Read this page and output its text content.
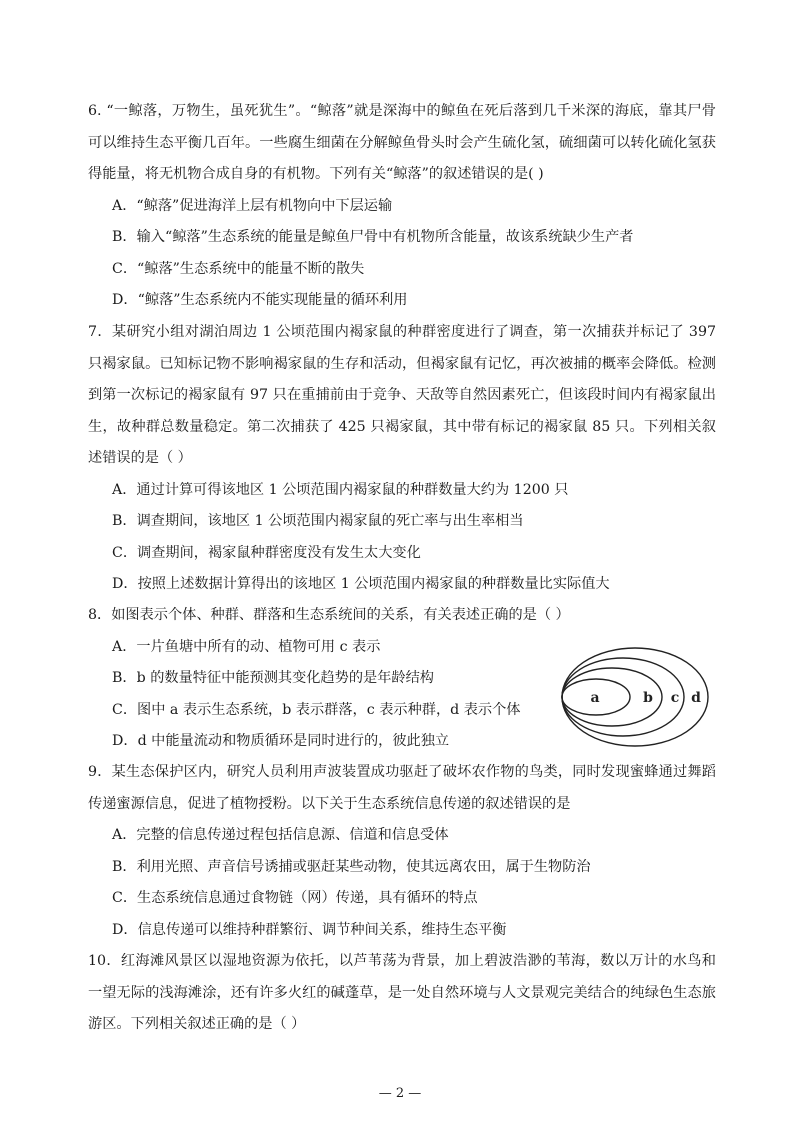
6. “一鲸落，万物生，虽死犹生”。“鲸落”就是深海中的鲸鱼在死后落到几千米深的海底，靠其尸骨可以维持生态平衡几百年。一些腐生细菌在分解鲸鱼骨头时会产生硫化氢，硫细菌可以转化硫化氢获得能量，将无机物合成自身的有机物。下列有关“鲸落”的叙述错误的是( )

A．“鲸落”促进海洋上层有机物向中下层运输

B．输入“鲸落”生态系统的能量是鲸鱼尸骨中有机物所含能量，故该系统缺少生产者

C．“鲸落”生态系统中的能量不断的散失

D．“鲸落”生态系统内不能实现能量的循环利用

7．某研究小组对湖泊周边 1 公顷范围内褐家鼠的种群密度进行了调查，第一次捕获并标记了 397 只褐家鼠。已知标记物不影响褐家鼠的生存和活动，但褐家鼠有记忆，再次被捕的概率会降低。检测到第一次标记的褐家鼠有 97 只在重捕前由于竞争、天敌等自然因素死亡，但该段时间内有褐家鼠出生，故种群总数量稳定。第二次捕获了 425 只褐家鼠，其中带有标记的褐家鼠 85 只。下列相关叙述错误的是（ ）

A．通过计算可得该地区 1 公顷范围内褐家鼠的种群数量大约为 1200 只

B．调查期间，该地区 1 公顷范围内褐家鼠的死亡率与出生率相当

C．调查期间，褐家鼠种群密度没有发生太大变化

D．按照上述数据计算得出的该地区 1 公顷范围内褐家鼠的种群数量比实际值大

8．如图表示个体、种群、群落和生态系统间的关系，有关表述正确的是（ ）

A．一片鱼塘中所有的动、植物可用 c 表示

B．b 的数量特征中能预测其变化趋势的是年龄结构

C．图中 a 表示生态系统，b 表示群落，c 表示种群，d 表示个体

D．d 中能量流动和物质循环是同时进行的，彼此独立

a	b c d

9．某生态保护区内，研究人员利用声波装置成功驱赶了破坏农作物的鸟类，同时发现蜜蜂通过舞蹈传递蜜源信息，促进了植物授粉。以下关于生态系统信息传递的叙述错误的是

A．完整的信息传递过程包括信息源、信道和信息受体

B．利用光照、声音信号诱捕或驱赶某些动物，使其远离农田，属于生物防治

C．生态系统信息通过食物链（网）传递，具有循环的特点

D．信息传递可以维持种群繁衍、调节种间关系，维持生态平衡

10．红海滩风景区以湿地资源为依托，以芦苇荡为背景，加上碧波浩渺的苇海，数以万计的水鸟和一望无际的浅海滩涂，还有许多火红的碱蓬草，是一处自然环境与人文景观完美结合的纯绿色生态旅游区。下列相关叙述正确的是（ ）

— 2 —
